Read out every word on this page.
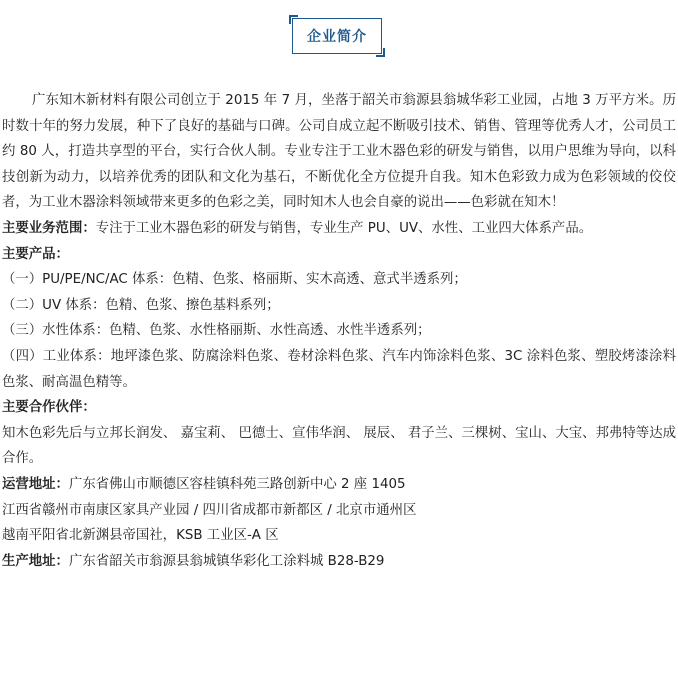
企业简介

广东知木新材料有限公司创立于 2015 年 7 月，坐落于韶关市翁源县翁城华彩工业园，占地 3 万平方米。历时数十年的努力发展，种下了良好的基础与口碑。公司自成立起不断吸引技术、销售、管理等优秀人才，公司员工约 80 人，打造共享型的平台，实行合伙人制。专业专注于工业木器色彩的研发与销售，以用户思维为导向，以科技创新为动力，以培养优秀的团队和文化为基石，不断优化全方位提升自我。知木色彩致力成为色彩领域的佼佼者，为工业木器涂料领域带来更多的色彩之美，同时知木人也会自豪的说出——色彩就在知木！

主要业务范围：专注于工业木器色彩的研发与销售，专业生产 PU、UV、水性、工业四大体系产品。

主要产品：

（一）PU/PE/NC/AC 体系：色精、色浆、格丽斯、实木高透、意式半透系列；

（二）UV 体系：色精、色浆、擦色基料系列；

（三）水性体系：色精、色浆、水性格丽斯、水性高透、水性半透系列；

（四）工业体系：地坪漆色浆、防腐涂料色浆、卷材涂料色浆、汽车内饰涂料色浆、3C 涂料色浆、塑胶烤漆涂料色浆、耐高温色精等。

主要合作伙伴：

知木色彩先后与立邦长润发、 嘉宝莉、 巴德士、宣伟华润、 展辰、 君子兰、三棵树、宝山、大宝、邦弗特等达成合作。

运营地址：广东省佛山市顺德区容桂镇科苑三路创新中心 2 座 1405

江西省赣州市南康区家具产业园 / 四川省成都市新都区 / 北京市通州区

越南平阳省北新渊县帝国社，KSB 工业区-A 区

生产地址：广东省韶关市翁源县翁城镇华彩化工涂料城 B28-B29
